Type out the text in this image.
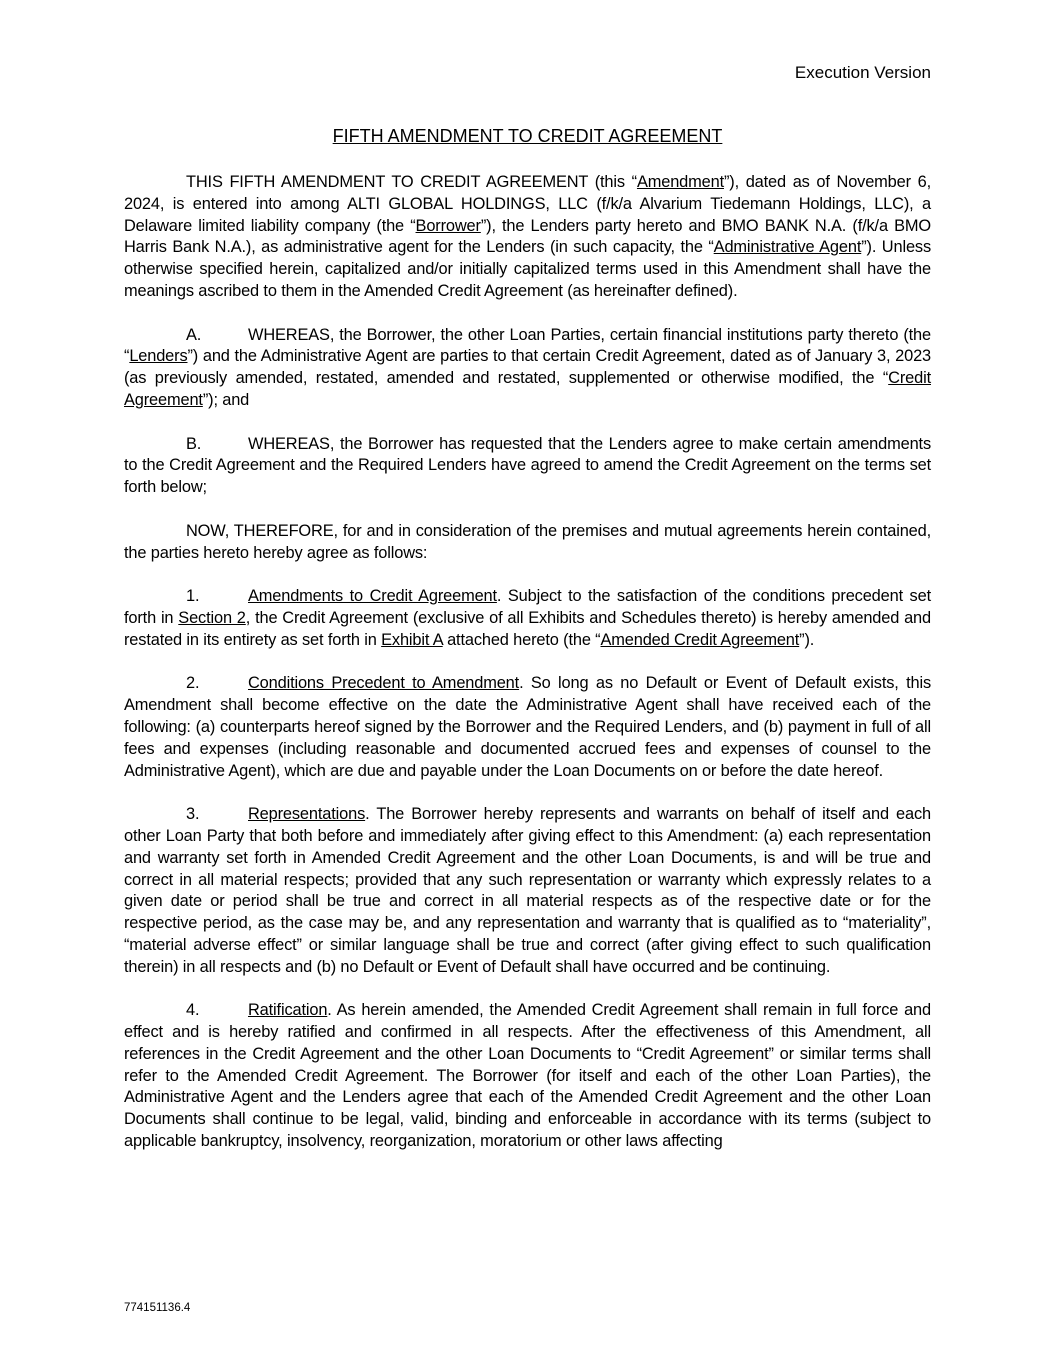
Execution Version
FIFTH AMENDMENT TO CREDIT AGREEMENT

THIS FIFTH AMENDMENT TO CREDIT AGREEMENT (this “Amendment”), dated as of November 6, 2024, is entered into among ALTI GLOBAL HOLDINGS, LLC (f/k/a Alvarium Tiedemann Holdings, LLC), a Delaware limited liability company (the “Borrower”), the Lenders party hereto and BMO BANK N.A. (f/k/a BMO Harris Bank N.A.), as administrative agent for the Lenders (in such capacity, the “Administrative Agent”). Unless otherwise specified herein, capitalized and/or initially capitalized terms used in this Amendment shall have the meanings ascribed to them in the Amended Credit Agreement (as hereinafter defined).

A.	WHEREAS, the Borrower, the other Loan Parties, certain financial institutions party thereto (the “Lenders”) and the Administrative Agent are parties to that certain Credit Agreement, dated as of January 3, 2023 (as previously amended, restated, amended and restated, supplemented or otherwise modified, the “Credit Agreement”); and

B.	WHEREAS, the Borrower has requested that the Lenders agree to make certain amendments to the Credit Agreement and the Required Lenders have agreed to amend the Credit Agreement on the terms set forth below;

NOW, THEREFORE, for and in consideration of the premises and mutual agreements herein contained, the parties hereto hereby agree as follows:

1.	Amendments to Credit Agreement. Subject to the satisfaction of the conditions precedent set forth in Section 2, the Credit Agreement (exclusive of all Exhibits and Schedules thereto) is hereby amended and restated in its entirety as set forth in Exhibit A attached hereto (the “Amended Credit Agreement”).

2.	Conditions Precedent to Amendment. So long as no Default or Event of Default exists, this Amendment shall become effective on the date the Administrative Agent shall have received each of the following: (a) counterparts hereof signed by the Borrower and the Required Lenders, and (b) payment in full of all fees and expenses (including reasonable and documented accrued fees and expenses of counsel to the Administrative Agent), which are due and payable under the Loan Documents on or before the date hereof.

3.	Representations. The Borrower hereby represents and warrants on behalf of itself and each other Loan Party that both before and immediately after giving effect to this Amendment: (a) each representation and warranty set forth in Amended Credit Agreement and the other Loan Documents, is and will be true and correct in all material respects; provided that any such representation or warranty which expressly relates to a given date or period shall be true and correct in all material respects as of the respective date or for the respective period, as the case may be, and any representation and warranty that is qualified as to “materiality”, “material adverse effect” or similar language shall be true and correct (after giving effect to such qualification therein) in all respects and (b) no Default or Event of Default shall have occurred and be continuing.

4.	Ratification. As herein amended, the Amended Credit Agreement shall remain in full force and effect and is hereby ratified and confirmed in all respects. After the effectiveness of this Amendment, all references in the Credit Agreement and the other Loan Documents to “Credit Agreement” or similar terms shall refer to the Amended Credit Agreement. The Borrower (for itself and each of the other Loan Parties), the Administrative Agent and the Lenders agree that each of the Amended Credit Agreement and the other Loan Documents shall continue to be legal, valid, binding and enforceable in accordance with its terms (subject to applicable bankruptcy, insolvency, reorganization, moratorium or other laws affecting

774151136.4
